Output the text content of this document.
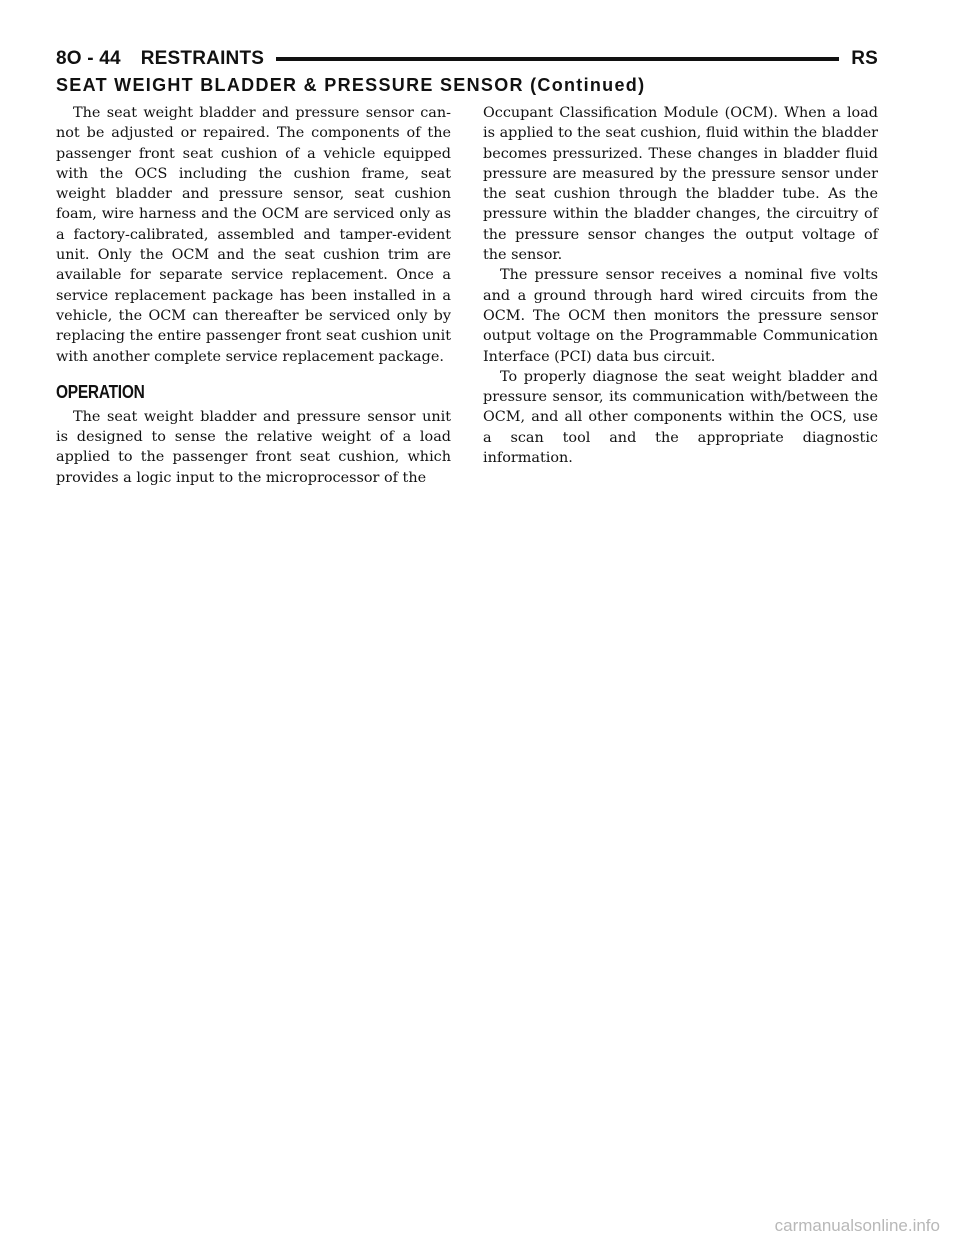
8O - 44 RESTRAINTS	RS
SEAT WEIGHT BLADDER & PRESSURE SENSOR (Continued)

The seat weight bladder and pressure sensor cannot be adjusted or repaired. The components of the passenger front seat cushion of a vehicle equipped with the OCS including the cushion frame, seat weight bladder and pressure sensor, seat cushion foam, wire harness and the OCM are serviced only as a factory-calibrated, assembled and tamper-evident unit. Only the OCM and the seat cushion trim are available for separate service replacement. Once a service replacement package has been installed in a vehicle, the OCM can thereafter be serviced only by replacing the entire passenger front seat cushion unit with another complete service replacement package.

OPERATION

The seat weight bladder and pressure sensor unit is designed to sense the relative weight of a load applied to the passenger front seat cushion, which provides a logic input to the microprocessor of the

Occupant Classification Module (OCM). When a load is applied to the seat cushion, fluid within the bladder becomes pressurized. These changes in bladder fluid pressure are measured by the pressure sensor under the seat cushion through the bladder tube. As the pressure within the bladder changes, the circuitry of the pressure sensor changes the output voltage of the sensor.

The pressure sensor receives a nominal five volts and a ground through hard wired circuits from the OCM. The OCM then monitors the pressure sensor output voltage on the Programmable Communication Interface (PCI) data bus circuit.

To properly diagnose the seat weight bladder and pressure sensor, its communication with/between the OCM, and all other components within the OCS, use a scan tool and the appropriate diagnostic information.

carmanualsonline.info
